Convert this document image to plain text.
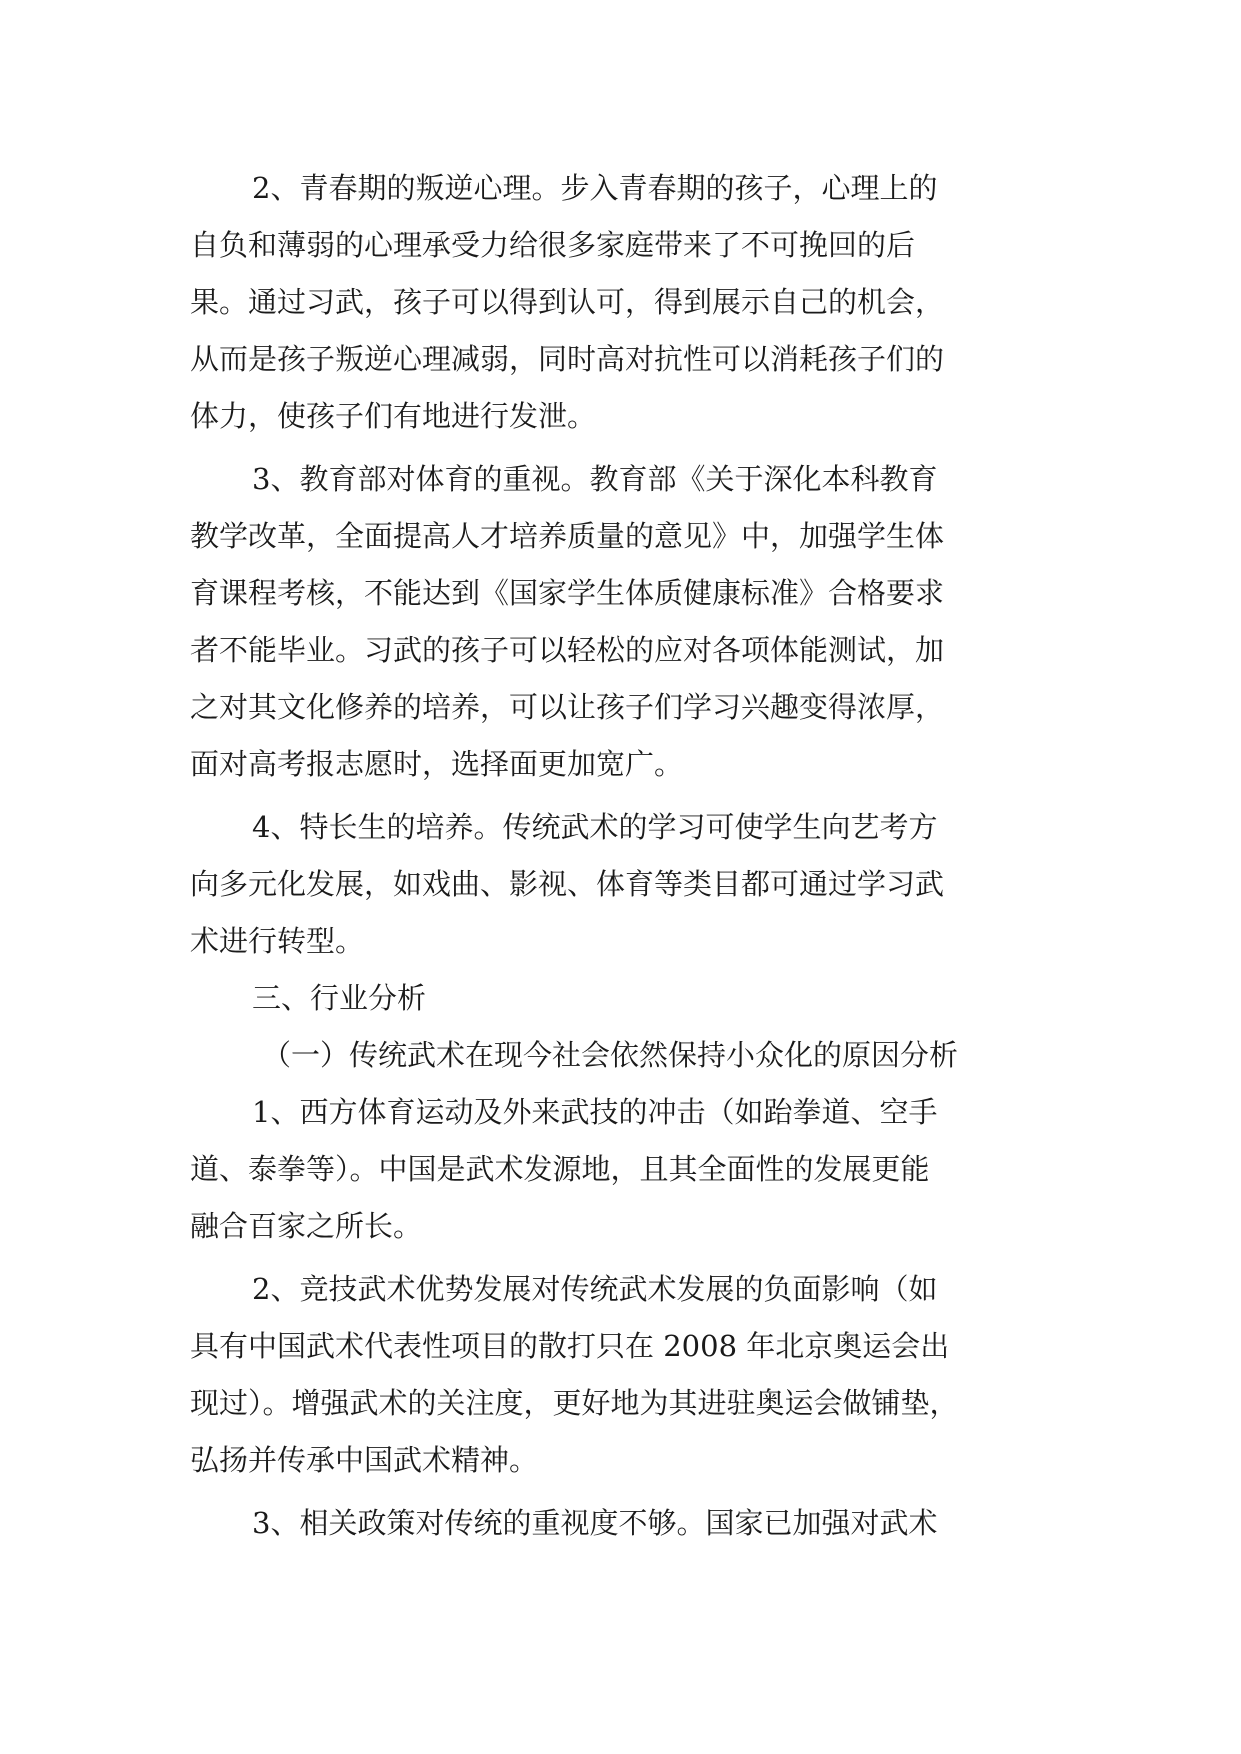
2、青春期的叛逆心理。步入青春期的孩子，心理上的
自负和薄弱的心理承受力给很多家庭带来了不可挽回的后
果。通过习武，孩子可以得到认可，得到展示自己的机会，
从而是孩子叛逆心理减弱，同时高对抗性可以消耗孩子们的
体力，使孩子们有地进行发泄。
3、教育部对体育的重视。教育部《关于深化本科教育
教学改革，全面提高人才培养质量的意见》中，加强学生体
育课程考核，不能达到《国家学生体质健康标准》合格要求
者不能毕业。习武的孩子可以轻松的应对各项体能测试，加
之对其文化修养的培养，可以让孩子们学习兴趣变得浓厚，
面对高考报志愿时，选择面更加宽广。
4、特长生的培养。传统武术的学习可使学生向艺考方
向多元化发展，如戏曲、影视、体育等类目都可通过学习武
术进行转型。
三、行业分析
（一）传统武术在现今社会依然保持小众化的原因分析
1、西方体育运动及外来武技的冲击（如跆拳道、空手
道、泰拳等）。中国是武术发源地，且其全面性的发展更能
融合百家之所长。
2、竞技武术优势发展对传统武术发展的负面影响（如
具有中国武术代表性项目的散打只在 2008 年北京奥运会出
现过）。增强武术的关注度，更好地为其进驻奥运会做铺垫，
弘扬并传承中国武术精神。
3、相关政策对传统的重视度不够。国家已加强对武术
